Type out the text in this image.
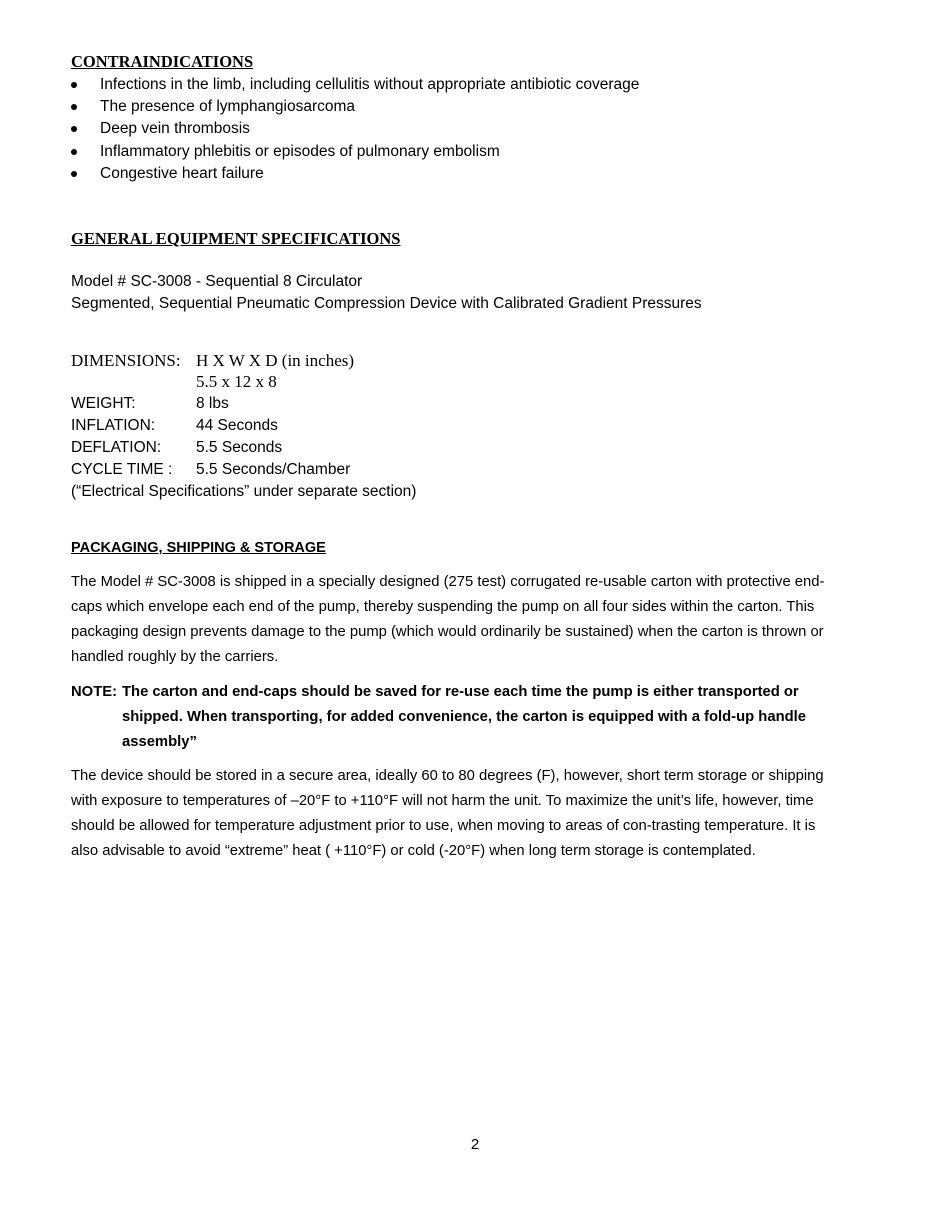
CONTRAINDICATIONS
Infections in the limb, including cellulitis without appropriate antibiotic coverage
The presence of lymphangiosarcoma
Deep vein thrombosis
Inflammatory phlebitis or episodes of pulmonary embolism
Congestive heart failure
GENERAL EQUIPMENT SPECIFICATIONS
Model # SC-3008 - Sequential 8 Circulator
Segmented, Sequential Pneumatic Compression Device with Calibrated Gradient Pressures
DIMENSIONS: H X W X D (in inches)
5.5 x 12 x 8
WEIGHT:	8 lbs
INFLATION:	44 Seconds
DEFLATION: 5.5 Seconds
CYCLE TIME : 5.5 Seconds/Chamber
(“Electrical Specifications” under separate section)
PACKAGING, SHIPPING & STORAGE

The Model # SC-3008 is shipped in a specially designed (275 test) corrugated re-usable carton with protective end-caps which envelope each end of the pump, thereby suspending the pump on all four sides within the carton. This packaging design prevents damage to the pump (which would ordinarily be sustained) when the carton is thrown or handled roughly by the carriers.

NOTE: The carton and end-caps should be saved for re-use each time the pump is either transported or shipped. When transporting, for added convenience, the carton is equipped with a fold-up handle assembly”

The device should be stored in a secure area, ideally 60 to 80 degrees (F), however, short term storage or shipping with exposure to temperatures of –20°F to +110°F will not harm the unit. To maximize the unit’s life, however, time should be allowed for temperature adjustment prior to use, when moving to areas of con-trasting temperature. It is also advisable to avoid “extreme” heat ( +110°F) or cold (-20°F) when long term storage is contemplated.

2
